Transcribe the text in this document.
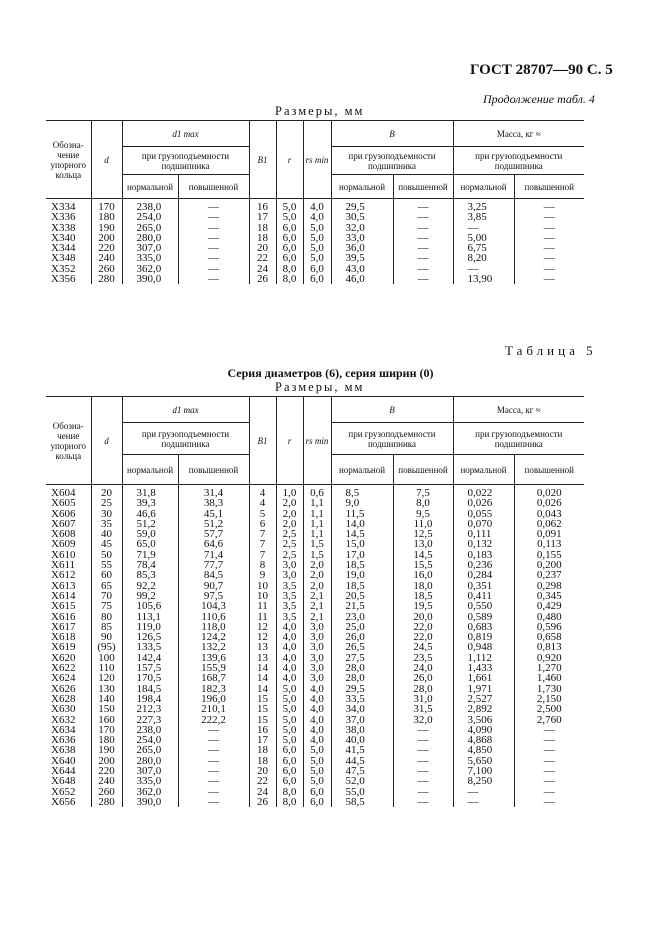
ГОСТ 28707—90 С. 5
Продолжение табл. 4
Размеры, мм
Обозна- чение упорного кольца	d	d1 max		B1	r	rs min	B		Масса, кг ≈	
		при грузоподъемности подшипника					при грузоподъемности подшипника		при грузоподъемности подшипника	
		нормальной	повышенной				нормальной	повышенной	нормальной	повышенной
X334	170	238,0	—	16	5,0	4,0	29,5	—	3,25	—
X336	180	254,0	—	17	5,0	4,0	30,5	—	3,85	—
X338	190	265,0	—	18	6,0	5,0	32,0	—	—	—
X340	200	280,0	—	18	6,0	5,0	33,0	—	5,00	—
X344	220	307,0	—	20	6,0	5,0	36,0	—	6,75	—
X348	240	335,0	—	22	6,0	5,0	39,5	—	8,20	—
X352	260	362,0	—	24	8,0	6,0	43,0	—	—	—
X356	280	390,0	—	26	8,0	6,0	46,0	—	13,90	—
Таблица 5
Серия диаметров (6), серия ширин (0)
Размеры, мм
Обозна- чение упорного кольца	d	d1 max		B1	r	rs min	B		Масса, кг ≈	
		при грузоподъемности подшипника					при грузоподъемности подшипника		при грузоподъемности подшипника	
		нормальной	повышенной				нормальной	повышенной	нормальной	повышенной
X604	20	31,8	31,4	4	1,0	0,6	8,5	7,5	0,022	0,020
X605	25	39,3	38,3	4	2,0	1,1	9,0	8,0	0,026	0,026
X606	30	46,6	45,1	5	2,0	1,1	11,5	9,5	0,055	0,043
X607	35	51,2	51,2	6	2,0	1,1	14,0	11,0	0,070	0,062
X608	40	59,0	57,7	7	2,5	1,1	14,5	12,5	0,111	0,091
X609	45	65,0	64,6	7	2,5	1,5	15,0	13,0	0,132	0,113
X610	50	71,9	71,4	7	2,5	1,5	17,0	14,5	0,183	0,155
X611	55	78,4	77,7	8	3,0	2,0	18,5	15,5	0,236	0,200
X612	60	85,3	84,5	9	3,0	2,0	19,0	16,0	0,284	0,237
X613	65	92,2	90,7	10	3,5	2,0	18,5	18,0	0,351	0,298
X614	70	99,2	97,5	10	3,5	2,1	20,5	18,5	0,411	0,345
X615	75	105,6	104,3	11	3,5	2,1	21,5	19,5	0,550	0,429
X616	80	113,1	110,6	11	3,5	2,1	23,0	20,0	0,589	0,480
X617	85	119,0	118,0	12	4,0	3,0	25,0	22,0	0,683	0,596
X618	90	126,5	124,2	12	4,0	3,0	26,0	22,0	0,819	0,658
X619	(95)	133,5	132,2	13	4,0	3,0	26,5	24,5	0,948	0,813
X620	100	142,4	139,6	13	4,0	3,0	27,5	23,5	1,112	0,920
X622	110	157,5	155,9	14	4,0	3,0	28,0	24,0	1,433	1,270
X624	120	170,5	168,7	14	4,0	3,0	28,0	26,0	1,661	1,460
X626	130	184,5	182,3	14	5,0	4,0	29,5	28,0	1,971	1,730
X628	140	198,4	196,0	15	5,0	4,0	33,5	31,0	2,527	2,150
X630	150	212,3	210,1	15	5,0	4,0	34,0	31,5	2,892	2,500
X632	160	227,3	222,2	15	5,0	4,0	37,0	32,0	3,506	2,760
X634	170	238,0	—	16	5,0	4,0	38,0	—	4,090	—
X636	180	254,0	—	17	5,0	4,0	40,0	—	4,868	—
X638	190	265,0	—	18	6,0	5,0	41,5	—	4,850	—
X640	200	280,0	—	18	6,0	5,0	44,5	—	5,650	—
X644	220	307,0	—	20	6,0	5,0	47,5	—	7,100	—
X648	240	335,0	—	22	6,0	5,0	52,0	—	8,250	—
X652	260	362,0	—	24	8,0	6,0	55,0	—	—	—
X656	280	390,0	—	26	8,0	6,0	58,5	—	—	—
